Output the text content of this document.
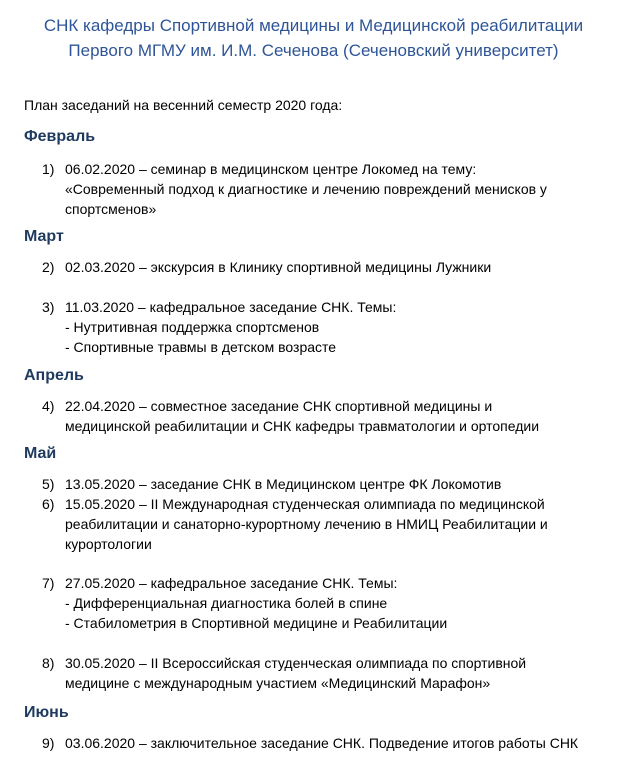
СНК кафедры Спортивной медицины и Медицинской реабилитации
Первого МГМУ им. И.М. Сеченова (Сеченовский университет)
План заседаний на весенний семестр 2020 года:
Февраль
1) 06.02.2020 – семинар в медицинском центре Локомед на тему:
«Современный подход к диагностике и лечению повреждений менисков у
спортсменов»
Март
2) 02.03.2020 – экскурсия в Клинику спортивной медицины Лужники
3) 11.03.2020 – кафедральное заседание СНК. Темы:
- Нутритивная поддержка спортсменов
- Спортивные травмы в детском возрасте
Апрель
4) 22.04.2020 – совместное заседание СНК спортивной медицины и
медицинской реабилитации и СНК кафедры травматологии и ортопедии
Май
5) 13.05.2020 – заседание СНК в Медицинском центре ФК Локомотив
6) 15.05.2020 – II Международная студенческая олимпиада по медицинской
реабилитации и санаторно-курортному лечению в НМИЦ Реабилитации и
курортологии
7) 27.05.2020 – кафедральное заседание СНК. Темы:
- Дифференциальная диагностика болей в спине
- Стабилометрия в Спортивной медицине и Реабилитации
8) 30.05.2020 – II Всероссийская студенческая олимпиада по спортивной
медицине с международным участием «Медицинский Марафон»
Июнь
9) 03.06.2020 – заключительное заседание СНК. Подведение итогов работы СНК
